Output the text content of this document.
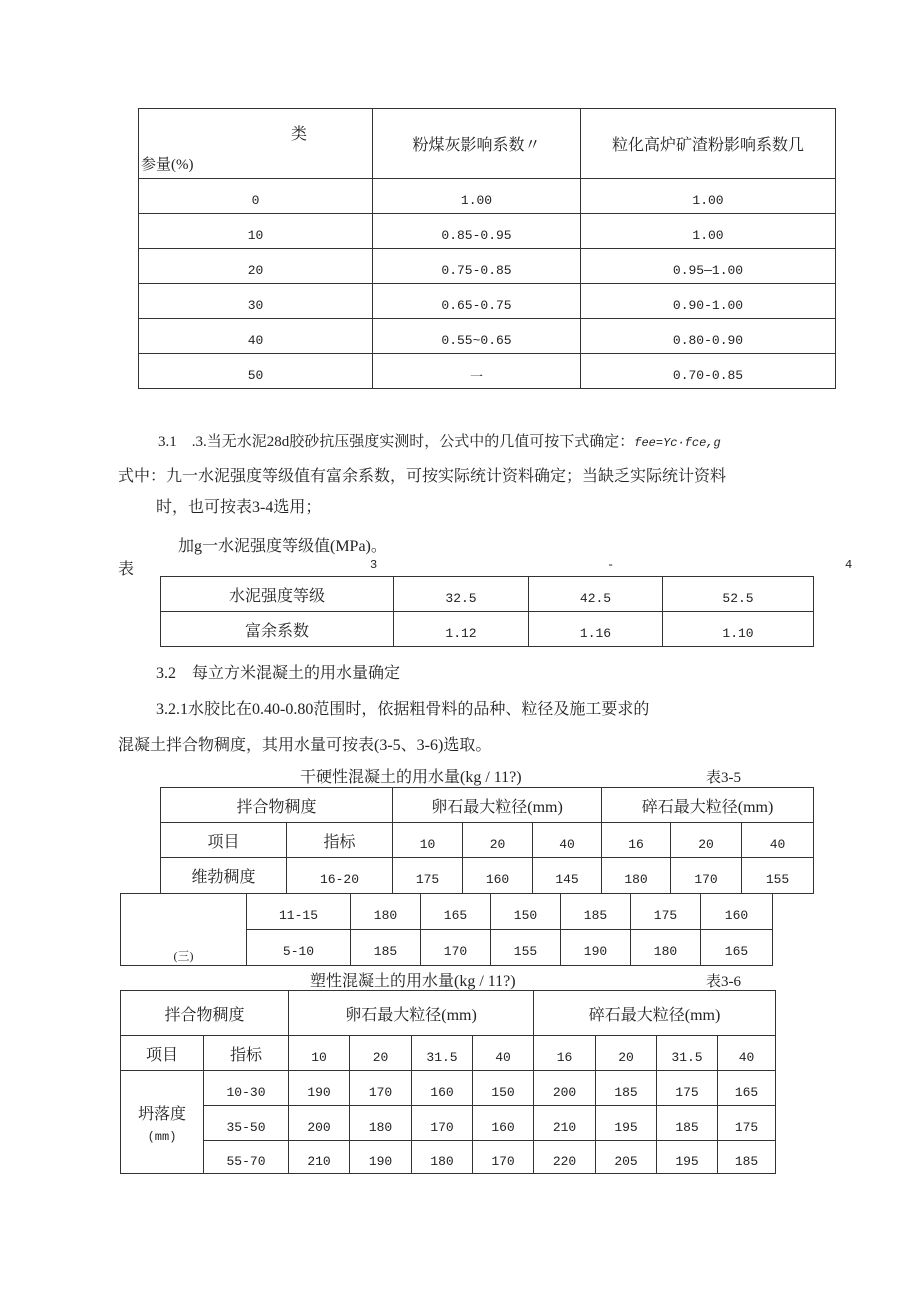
类
参量(%)	粉煤灰影响系数〃	粒化高炉矿渣粉影响系数几
0	1.00	1.00
10	0.85-0.95	1.00
20	0.75-0.85	0.95—1.00
30	0.65-0.75	0.90-1.00
40	0.55~0.65	0.80-0.90
50	一	0.70-0.85
3.1　.3.当无水泥28d胶砂抗压强度实测时，公式中的几值可按下式确定：fee=Yc·fce,g
式中：九一水泥强度等级值有富余系数，可按实际统计资料确定；当缺乏实际统计资料
时，也可按表3-4选用；
加g一水泥强度等级值(MPa)。
表	3	-	4
水泥强度等级	32.5	42.5	52.5
富余系数	1.12	1.16	1.10
3.2　每立方米混凝土的用水量确定
3.2.1水胶比在0.40-0.80范围时，依据粗骨料的品种、粒径及施工要求的
混凝土拌合物稠度，其用水量可按表(3-5、3-6)选取。
干硬性混凝土的用水量(kg / 11?)	表3-5
拌合物稠度		卵石最大粒径(mm)			碎石最大粒径(mm)		
项目	指标	10	20	40	16	20	40
维勃稠度	16-20	175	160	145	180	170	155
(三)	11-15	180	165	150	185	175	160
	5-10	185	170	155	190	180	165
塑性混凝土的用水量(kg / 11?)	表3-6
拌合物稠度		卵石最大粒径(mm)				碎石最大粒径(mm)			
项目	指标	10	20	31.5	40	16	20	31.5	40

坍落度
(mm)	10-30	190	170	160	150	200	185	175	165
	35-50	200	180	170	160	210	195	185	175
	55-70	210	190	180	170	220	205	195	185
